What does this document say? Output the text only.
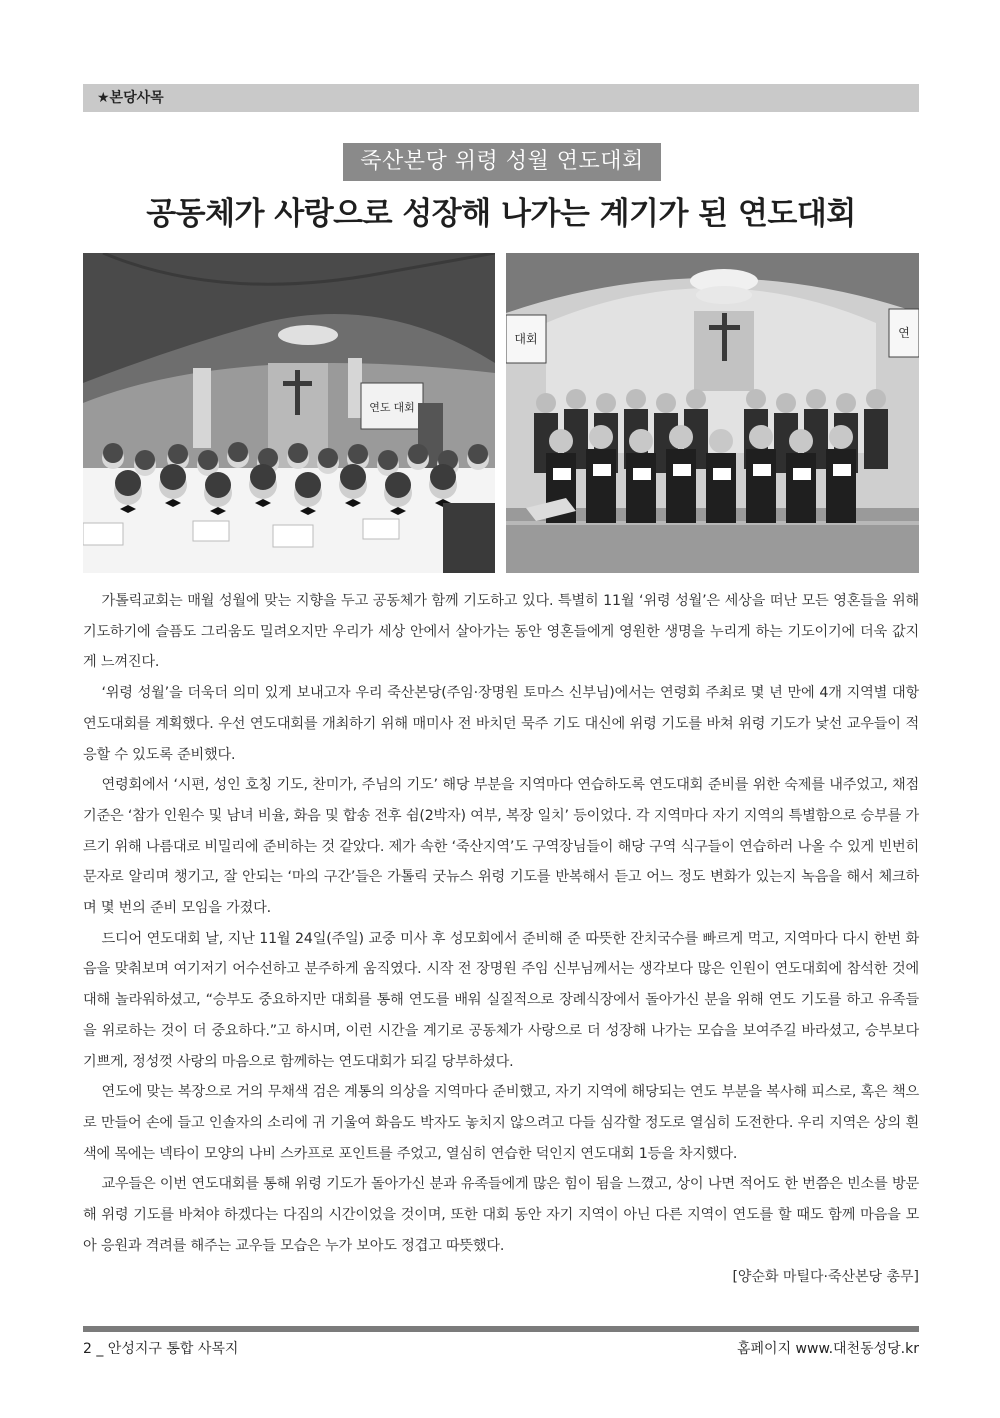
★본당사목
죽산본당 위령 성월 연도대회
공동체가 사랑으로 성장해 나가는 계기가 된 연도대회
연도 대회
대회	연

가톨릭교회는 매월 성월에 맞는 지향을 두고 공동체가 함께 기도하고 있다. 특별히 11월 ‘위령 성월’은 세상을 떠난 모든 영혼들을 위해 기도하기에 슬픔도 그리움도 밀려오지만 우리가 세상 안에서 살아가는 동안 영혼들에게 영원한 생명을 누리게 하는 기도이기에 더욱 값지게 느껴진다.

‘위령 성월’을 더욱더 의미 있게 보내고자 우리 죽산본당(주임·장명원 토마스 신부님)에서는 연령회 주최로 몇 년 만에 4개 지역별 대항 연도대회를 계획했다. 우선 연도대회를 개최하기 위해 매미사 전 바치던 묵주 기도 대신에 위령 기도를 바쳐 위령 기도가 낯선 교우들이 적응할 수 있도록 준비했다.

연령회에서 ‘시편, 성인 호칭 기도, 찬미가, 주님의 기도’ 해당 부분을 지역마다 연습하도록 연도대회 준비를 위한 숙제를 내주었고, 채점 기준은 ‘참가 인원수 및 남녀 비율, 화음 및 합송 전후 쉼(2박자) 여부, 복장 일치’ 등이었다. 각 지역마다 자기 지역의 특별함으로 승부를 가르기 위해 나름대로 비밀리에 준비하는 것 같았다. 제가 속한 ‘죽산지역’도 구역장님들이 해당 구역 식구들이 연습하러 나올 수 있게 빈번히 문자로 알리며 챙기고, 잘 안되는 ‘마의 구간’들은 가톨릭 굿뉴스 위령 기도를 반복해서 듣고 어느 정도 변화가 있는지 녹음을 해서 체크하며 몇 번의 준비 모임을 가졌다.

드디어 연도대회 날, 지난 11월 24일(주일) 교중 미사 후 성모회에서 준비해 준 따뜻한 잔치국수를 빠르게 먹고, 지역마다 다시 한번 화음을 맞춰보며 여기저기 어수선하고 분주하게 움직였다. 시작 전 장명원 주임 신부님께서는 생각보다 많은 인원이 연도대회에 참석한 것에 대해 놀라워하셨고, “승부도 중요하지만 대회를 통해 연도를 배워 실질적으로 장례식장에서 돌아가신 분을 위해 연도 기도를 하고 유족들을 위로하는 것이 더 중요하다.”고 하시며, 이런 시간을 계기로 공동체가 사랑으로 더 성장해 나가는 모습을 보여주길 바라셨고, 승부보다 기쁘게, 정성껏 사랑의 마음으로 함께하는 연도대회가 되길 당부하셨다.

연도에 맞는 복장으로 거의 무채색 검은 계통의 의상을 지역마다 준비했고, 자기 지역에 해당되는 연도 부분을 복사해 피스로, 혹은 책으로 만들어 손에 들고 인솔자의 소리에 귀 기울여 화음도 박자도 놓치지 않으려고 다들 심각할 정도로 열심히 도전한다. 우리 지역은 상의 흰색에 목에는 넥타이 모양의 나비 스카프로 포인트를 주었고, 열심히 연습한 덕인지 연도대회 1등을 차지했다.

교우들은 이번 연도대회를 통해 위령 기도가 돌아가신 분과 유족들에게 많은 힘이 됨을 느꼈고, 상이 나면 적어도 한 번쯤은 빈소를 방문해 위령 기도를 바쳐야 하겠다는 다짐의 시간이었을 것이며, 또한 대회 동안 자기 지역이 아닌 다른 지역이 연도를 할 때도 함께 마음을 모아 응원과 격려를 해주는 교우들 모습은 누가 보아도 정겹고 따뜻했다.

[양순화 마틸다·죽산본당 총무]
2 _ 안성지구 통합 사목지	홈페이지 www.대천동성당.kr
